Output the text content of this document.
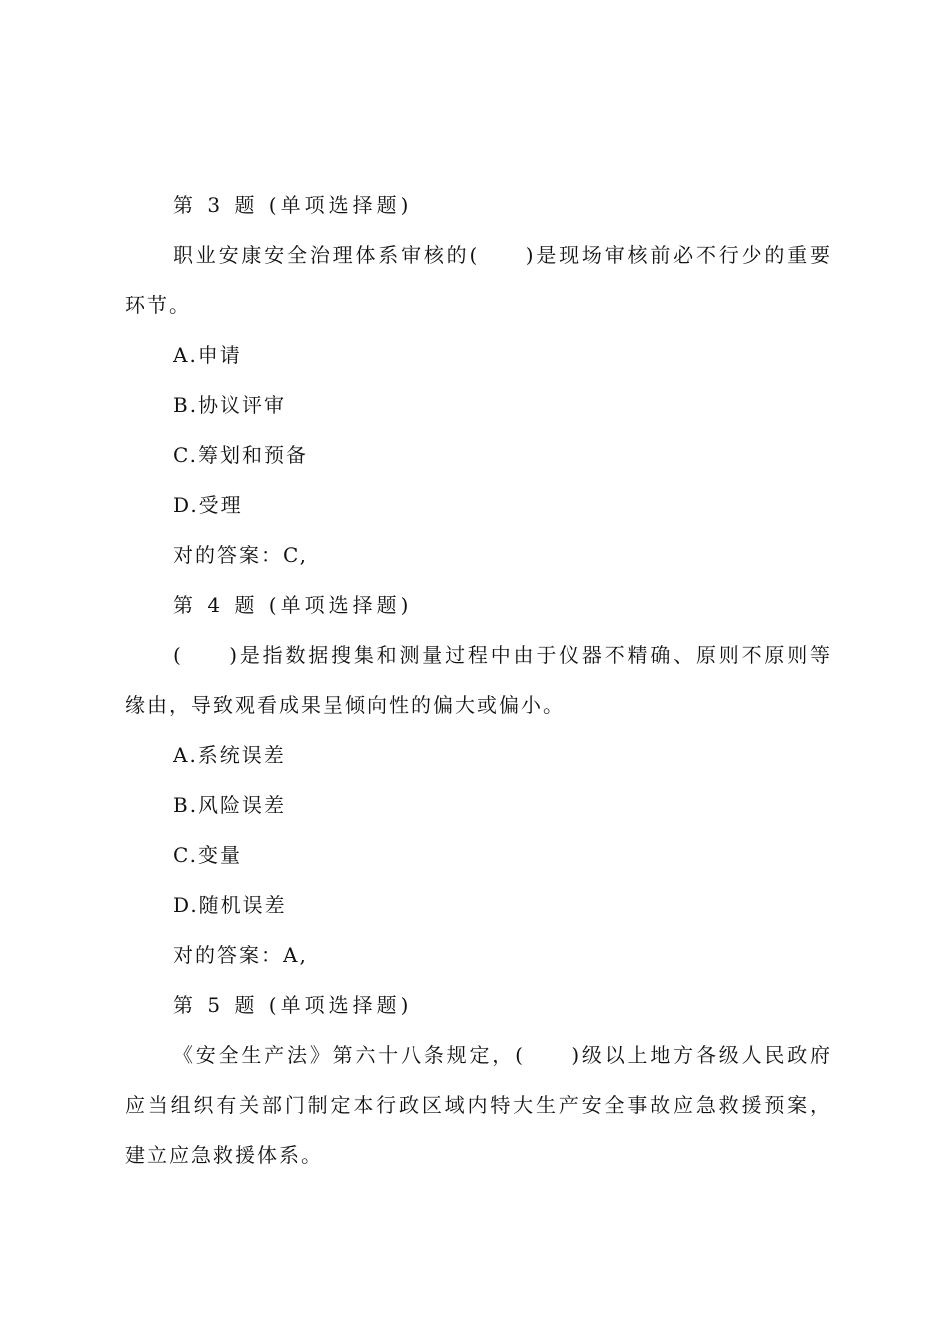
第 3 题 (单项选择题)
职业安康安全治理体系审核的(　　)是现场审核前必不行少的重要
环节。
A.申请
B.协议评审
C.筹划和预备
D.受理
对的答案：C,
第 4 题 (单项选择题)
(　　)是指数据搜集和测量过程中由于仪器不精确、原则不原则等
缘由，导致观看成果呈倾向性的偏大或偏小。
A.系统误差
B.风险误差
C.变量
D.随机误差
对的答案：A,
第 5 题 (单项选择题)
《安全生产法》第六十八条规定，(　　)级以上地方各级人民政府
应当组织有关部门制定本行政区域内特大生产安全事故应急救援预案，
建立应急救援体系。
